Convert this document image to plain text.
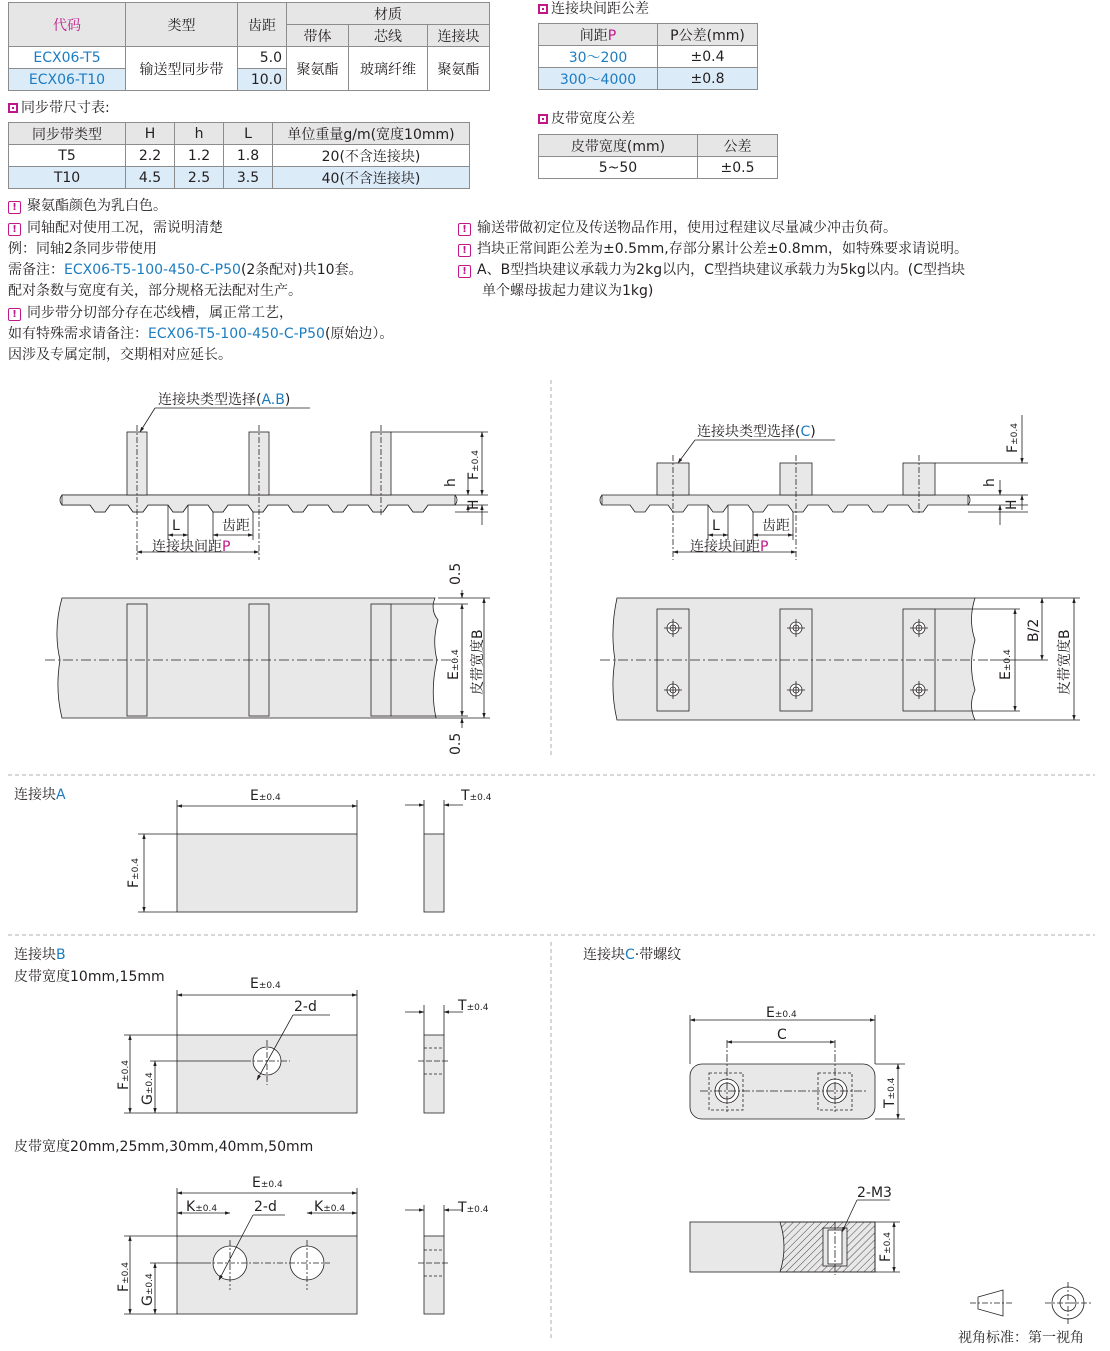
代码	类型	齿距	材质		
			带体	芯线	连接块
ECX06-T5	输送型同步带	5.0	聚氨酯	玻璃纤维	聚氨酯
ECX06-T10		10.0			
连接块间距公差
间距P	P公差(mm)
30～200	±0.4
300～4000	±0.8
同步带尺寸表:
同步带类型	H	h	L	单位重量g/m(宽度10mm)
T5	2.2	1.2	1.8	20(不含连接块)
T10	4.5	2.5	3.5	40(不含连接块)
皮带宽度公差
皮带宽度(mm)	公差
5~50	±0.5
! 聚氨酯颜色为乳白色。
! 同轴配对使用工况，需说明清楚
例：同轴2条同步带使用
需备注：ECX06-T5-100-450-C-P50(2条配对)共10套。
配对条数与宽度有关，部分规格无法配对生产。
! 同步带分切部分存在芯线槽，属正常工艺，
如有特殊需求请备注：ECX06-T5-100-450-C-P50(原始边）。
因涉及专属定制，交期相对应延长。
! 输送带做初定位及传送物品作用，使用过程建议尽量减少冲击负荷。
! 挡块正常间距公差为±0.5mm,存部分累计公差±0.8mm，如特殊要求请说明。
! A、B型挡块建议承载力为2kg以内，C型挡块建议承载力为5kg以内。(C型挡块
单个螺母拔起力建议为1kg)
连接块类型选择(A.B)
L	齿距
连接块间距P
h
H
F±0.4
0.5
0.5
E±0.4 皮带宽度B
连接块类型选择(C)
L	齿距
连接块间距P
F±0.4
h
H
E±0.4
B/2 皮带宽度B
连接块A	E±0.4
F±0.4
T±0.4
连接块B
皮带宽度10mm,15mm	E±0.4
2-d
F±0.4
G±0.4
T±0.4
皮带宽度20mm,25mm,30mm,40mm,50mm
E±0.4
K±0.4	2-d	K±0.4
F±0.4
G±0.4
T±0.4
连接块C·带螺纹
E±0.4
C
T±0.4
2-M3
F±0.4
视角标准：第一视角
